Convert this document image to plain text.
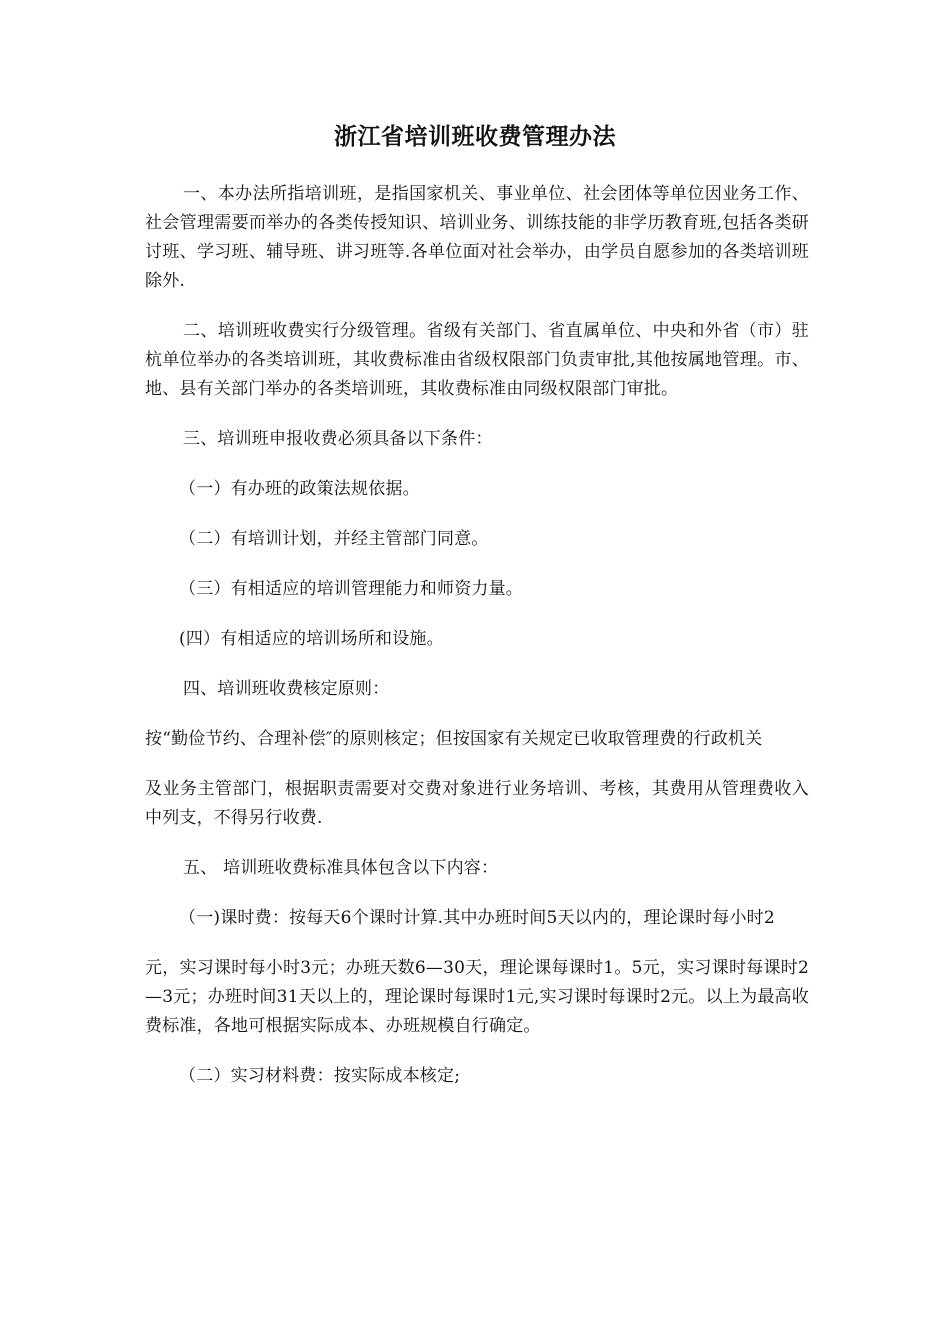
浙江省培训班收费管理办法

一、本办法所指培训班，是指国家机关、事业单位、社会团体等单位因业务工作、社会管理需要而举办的各类传授知识、培训业务、训练技能的非学历教育班,包括各类研讨班、学习班、辅导班、讲习班等.各单位面对社会举办，由学员自愿参加的各类培训班除外.

二、培训班收费实行分级管理。省级有关部门、省直属单位、中央和外省（市）驻杭单位举办的各类培训班，其收费标准由省级权限部门负责审批,其他按属地管理。市、地、县有关部门举办的各类培训班，其收费标准由同级权限部门审批。

三、培训班申报收费必须具备以下条件：

（一）有办班的政策法规依据。

（二）有培训计划，并经主管部门同意。

（三）有相适应的培训管理能力和师资力量。

(四）有相适应的培训场所和设施。

四、培训班收费核定原则：

按“勤俭节约、合理补偿″的原则核定；但按国家有关规定已收取管理费的行政机关

及业务主管部门，根据职责需要对交费对象进行业务培训、考核，其费用从管理费收入中列支，不得另行收费.

五、 培训班收费标准具体包含以下内容：

（一)课时费：按每天6个课时计算.其中办班时间5天以内的，理论课时每小时2

元，实习课时每小时3元；办班天数6—30天，理论课每课时1。5元，实习课时每课时2—3元；办班时间31天以上的，理论课时每课时1元,实习课时每课时2元。以上为最高收费标准，各地可根据实际成本、办班规模自行确定。

（二）实习材料费：按实际成本核定;
